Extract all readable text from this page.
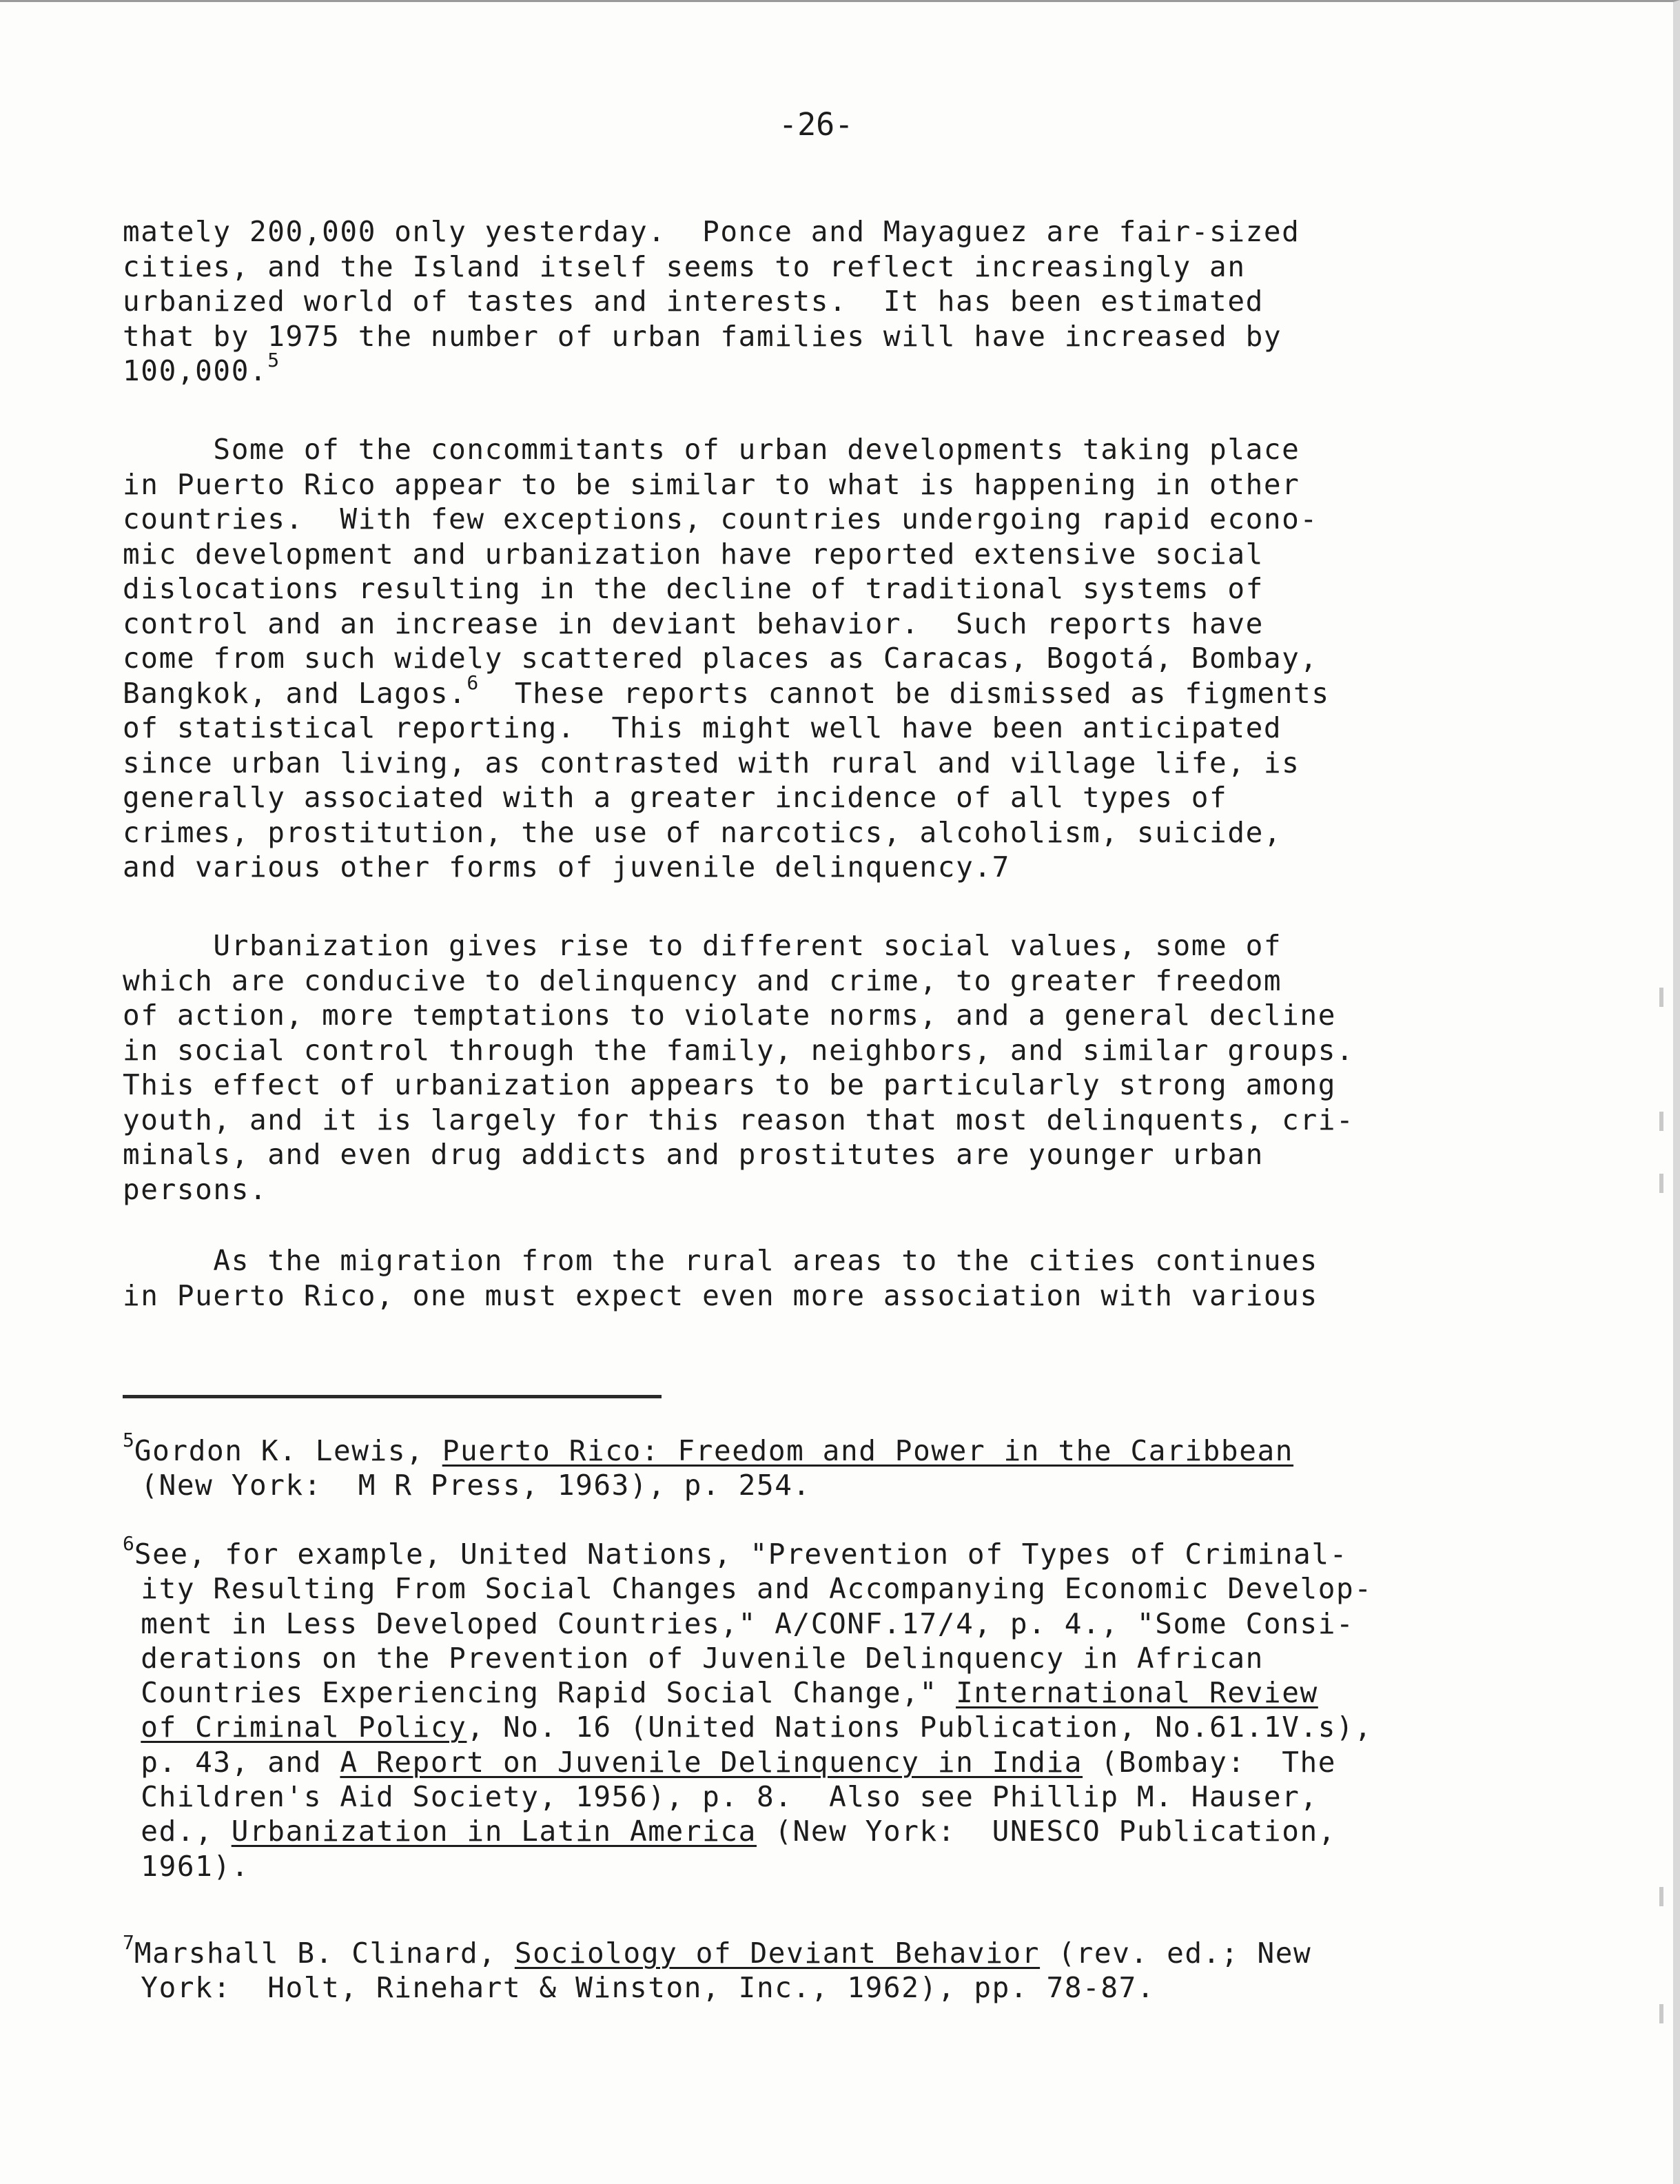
-26-
mately 200,000 only yesterday.  Ponce and Mayaguez are fair-sized
cities, and the Island itself seems to reflect increasingly an
urbanized world of tastes and interests.  It has been estimated
that by 1975 the number of urban families will have increased by
100,000.$^5$
Some of the concommitants of urban developments taking place
in Puerto Rico appear to be similar to what is happening in other
countries.  With few exceptions, countries undergoing rapid econo-
mic development and urbanization have reported extensive social
dislocations resulting in the decline of traditional systems of
control and an increase in deviant behavior.  Such reports have
come from such widely scattered places as Caracas, Bogotá, Bombay,
Bangkok, and Lagos.$^6$  These reports cannot be dismissed as figments
of statistical reporting.  This might well have been anticipated
since urban living, as contrasted with rural and village life, is
generally associated with a greater incidence of all types of
crimes, prostitution, the use of narcotics, alcoholism, suicide,
and various other forms of juvenile delinquency.7
Urbanization gives rise to different social values, some of
which are conducive to delinquency and crime, to greater freedom
of action, more temptations to violate norms, and a general decline
in social control through the family, neighbors, and similar groups.
This effect of urbanization appears to be particularly strong among
youth, and it is largely for this reason that most delinquents, cri-
minals, and even drug addicts and prostitutes are younger urban
persons.
As the migration from the rural areas to the cities continues
in Puerto Rico, one must expect even more association with various
$^5$Gordon K. Lewis, Puerto Rico: Freedom and Power in the Caribbean
(New York:  M R Press, 1963), p. 254.
$^6$See, for example, United Nations, "Prevention of Types of Criminal-
ity Resulting From Social Changes and Accompanying Economic Develop-
ment in Less Developed Countries," A/CONF.17/4, p. 4., "Some Consi-
derations on the Prevention of Juvenile Delinquency in African
Countries Experiencing Rapid Social Change," International Review
of Criminal Policy, No. 16 (United Nations Publication, No.61.1V.s),
p. 43, and A Report on Juvenile Delinquency in India (Bombay:  The
Children's Aid Society, 1956), p. 8.  Also see Phillip M. Hauser,
ed., Urbanization in Latin America (New York:  UNESCO Publication,
1961).
$^7$Marshall B. Clinard, Sociology of Deviant Behavior (rev. ed.; New
York:  Holt, Rinehart & Winston, Inc., 1962), pp. 78-87.
